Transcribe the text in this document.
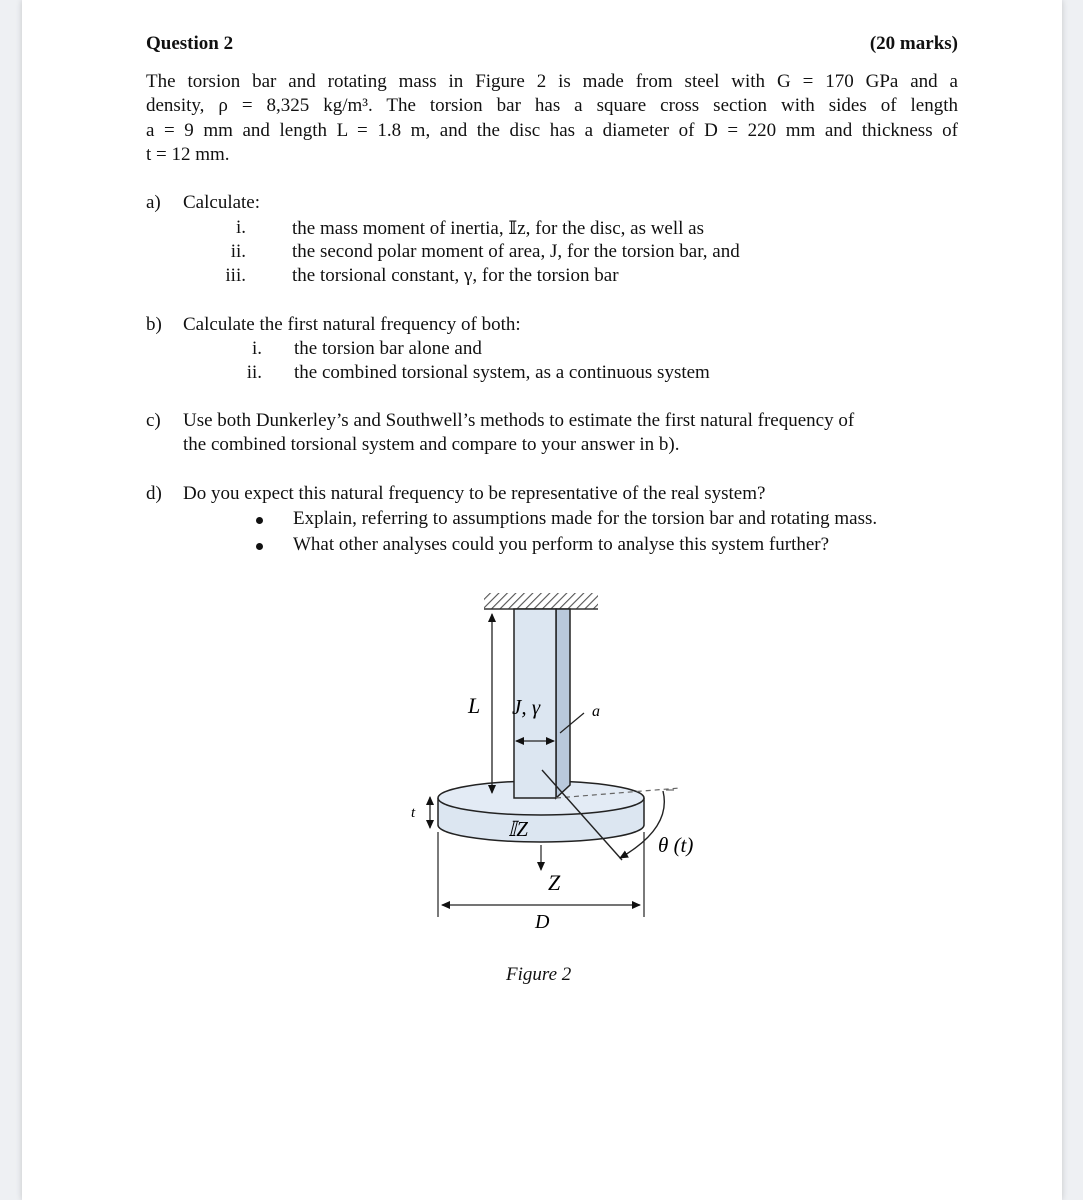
Question 2	(20 marks)
The torsion bar and rotating mass in Figure 2 is made from steel with G = 170 GPa and a
density, ρ = 8,325 kg/m³. The torsion bar has a square cross section with sides of length
a = 9 mm and length L = 1.8 m, and the disc has a diameter of D = 220 mm and thickness of
t = 12 mm.
a) Calculate:
i. the mass moment of inertia, 𝕀z, for the disc, as well as
ii. the second polar moment of area, J, for the torsion bar, and
iii. the torsional constant, γ, for the torsion bar
b) Calculate the first natural frequency of both:
i. the torsion bar alone and
ii. the combined torsional system, as a continuous system
c) Use both Dunkerley’s and Southwell’s methods to estimate the first natural frequency of
the combined torsional system and compare to your answer in b).
d) Do you expect this natural frequency to be representative of the real system?
Explain, referring to assumptions made for the torsion bar and rotating mass.
What other analyses could you perform to analyse this system further?
L J, γ	a
t
𝕀Z
Z
θ (t)
D
Figure 2
